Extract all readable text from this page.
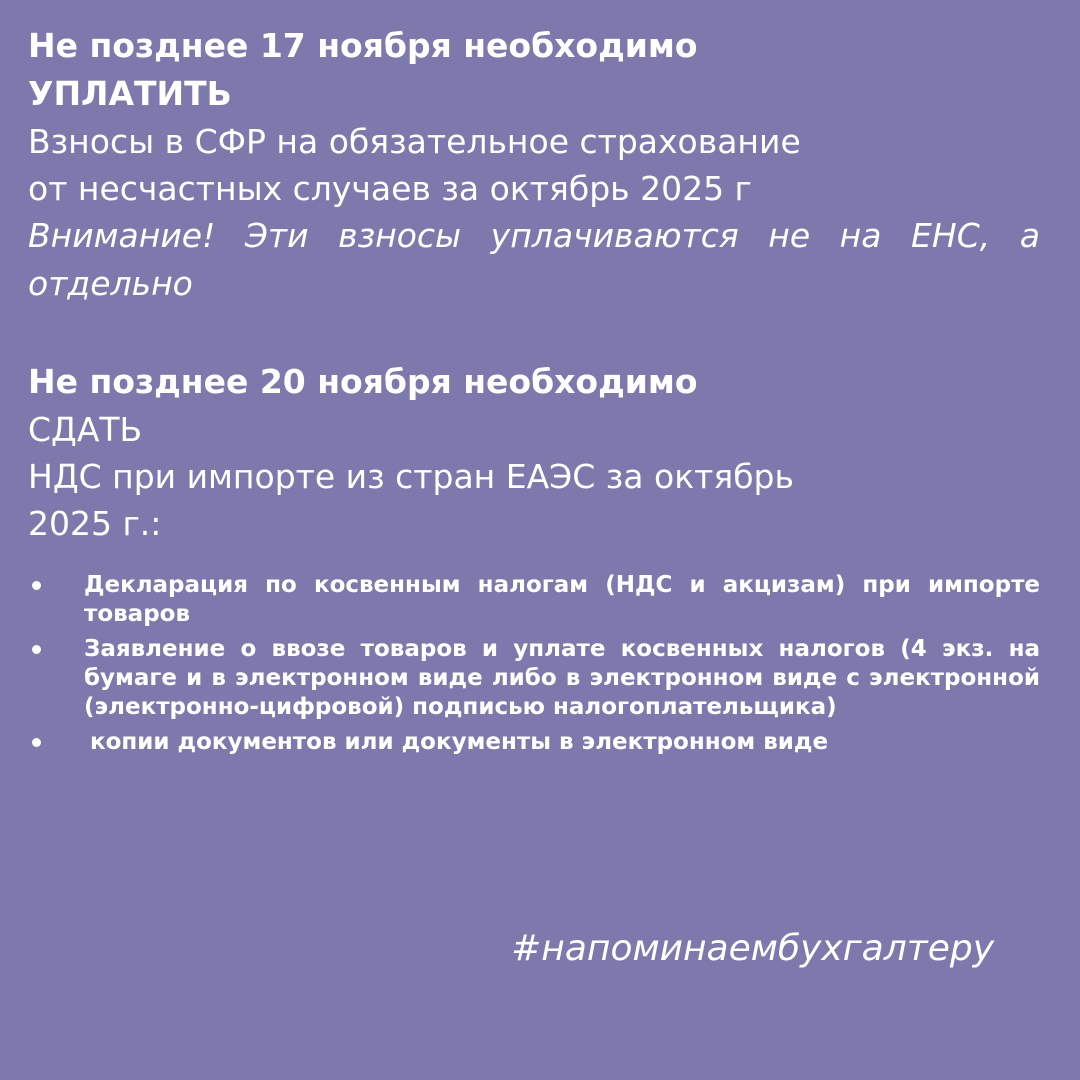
Не позднее 17 ноября необходимо
УПЛАТИТЬ
Взносы в СФР на обязательное страхование
от несчастных случаев за октябрь 2025 г
Внимание! Эти взносы уплачиваются не на ЕНС, а отдельно
Не позднее 20 ноября необходимо
СДАТЬ
НДС при импорте из стран ЕАЭС за октябрь
2025 г.:
Декларация по косвенным налогам (НДС и акцизам) при импорте товаров
Заявление о ввозе товаров и уплате косвенных налогов (4 экз. на бумаге и в электронном виде либо в электронном виде с электронной (электронно-цифровой) подписью налогоплательщика)
копии документов или документы в электронном виде
#напоминаембухгалтеру
